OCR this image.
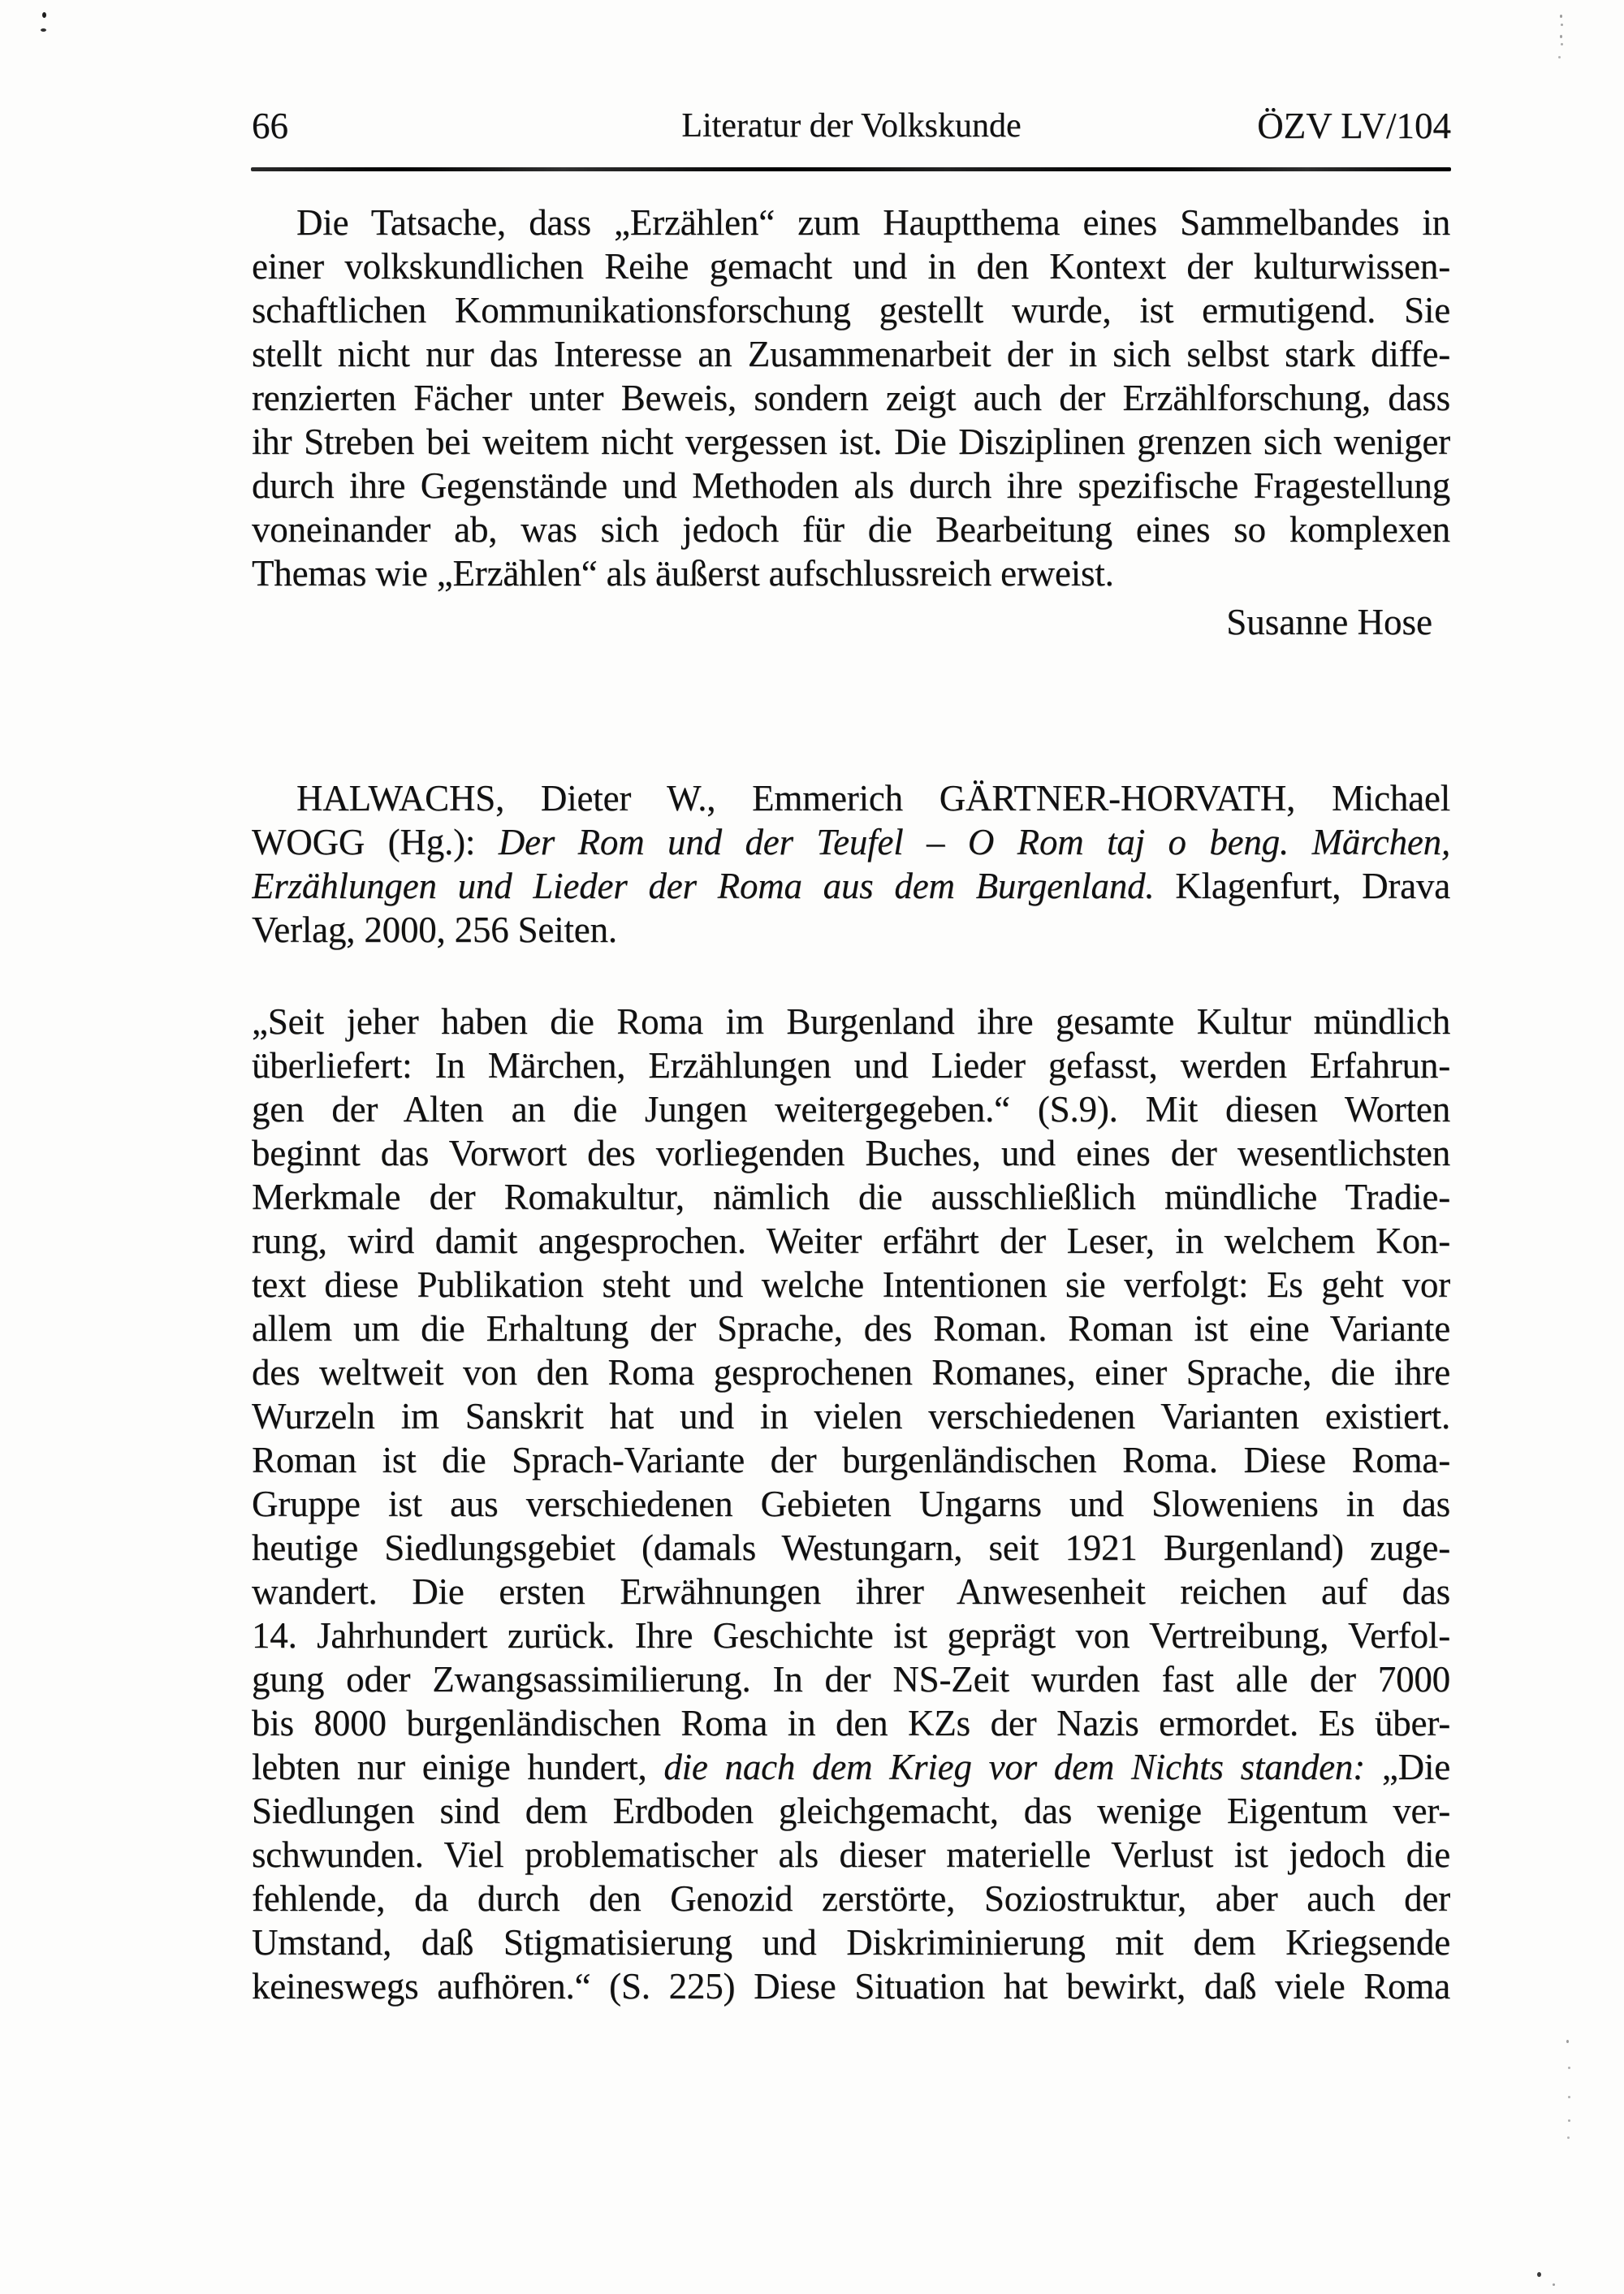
66	Literatur der Volkskunde	ÖZV LV/104
Die Tatsache, dass „Erzählen“ zum Hauptthema eines Sammelbandes in
einer volkskundlichen Reihe gemacht und in den Kontext der kulturwissen-
schaftlichen Kommunikationsforschung gestellt wurde, ist ermutigend. Sie
stellt nicht nur das Interesse an Zusammenarbeit der in sich selbst stark diffe-
renzierten Fächer unter Beweis, sondern zeigt auch der Erzählforschung, dass
ihr Streben bei weitem nicht vergessen ist. Die Disziplinen grenzen sich weniger
durch ihre Gegenstände und Methoden als durch ihre spezifische Fragestellung
voneinander ab, was sich jedoch für die Bearbeitung eines so komplexen
Themas wie „Erzählen“ als äußerst aufschlussreich erweist.
Susanne Hose
HALWACHS, Dieter W., Emmerich GÄRTNER-HORVATH, Michael
WOGG (Hg.): Der Rom und der Teufel – O Rom taj o beng. Märchen,
Erzählungen und Lieder der Roma aus dem Burgenland. Klagenfurt, Drava
Verlag, 2000, 256 Seiten.
„Seit jeher haben die Roma im Burgenland ihre gesamte Kultur mündlich
überliefert: In Märchen, Erzählungen und Lieder gefasst, werden Erfahrun-
gen der Alten an die Jungen weitergegeben.“ (S.9). Mit diesen Worten
beginnt das Vorwort des vorliegenden Buches, und eines der wesentlichsten
Merkmale der Romakultur, nämlich die ausschließlich mündliche Tradie-
rung, wird damit angesprochen. Weiter erfährt der Leser, in welchem Kon-
text diese Publikation steht und welche Intentionen sie verfolgt: Es geht vor
allem um die Erhaltung der Sprache, des Roman. Roman ist eine Variante
des weltweit von den Roma gesprochenen Romanes, einer Sprache, die ihre
Wurzeln im Sanskrit hat und in vielen verschiedenen Varianten existiert.
Roman ist die Sprach-Variante der burgenländischen Roma. Diese Roma-
Gruppe ist aus verschiedenen Gebieten Ungarns und Sloweniens in das
heutige Siedlungsgebiet (damals Westungarn, seit 1921 Burgenland) zuge-
wandert. Die ersten Erwähnungen ihrer Anwesenheit reichen auf das
14. Jahrhundert zurück. Ihre Geschichte ist geprägt von Vertreibung, Verfol-
gung oder Zwangsassimilierung. In der NS-Zeit wurden fast alle der 7000
bis 8000 burgenländischen Roma in den KZs der Nazis ermordet. Es über-
lebten nur einige hundert, die nach dem Krieg vor dem Nichts standen: „Die
Siedlungen sind dem Erdboden gleichgemacht, das wenige Eigentum ver-
schwunden. Viel problematischer als dieser materielle Verlust ist jedoch die
fehlende, da durch den Genozid zerstörte, Soziostruktur, aber auch der
Umstand, daß Stigmatisierung und Diskriminierung mit dem Kriegsende
keineswegs aufhören.“ (S. 225) Diese Situation hat bewirkt, daß viele Roma
